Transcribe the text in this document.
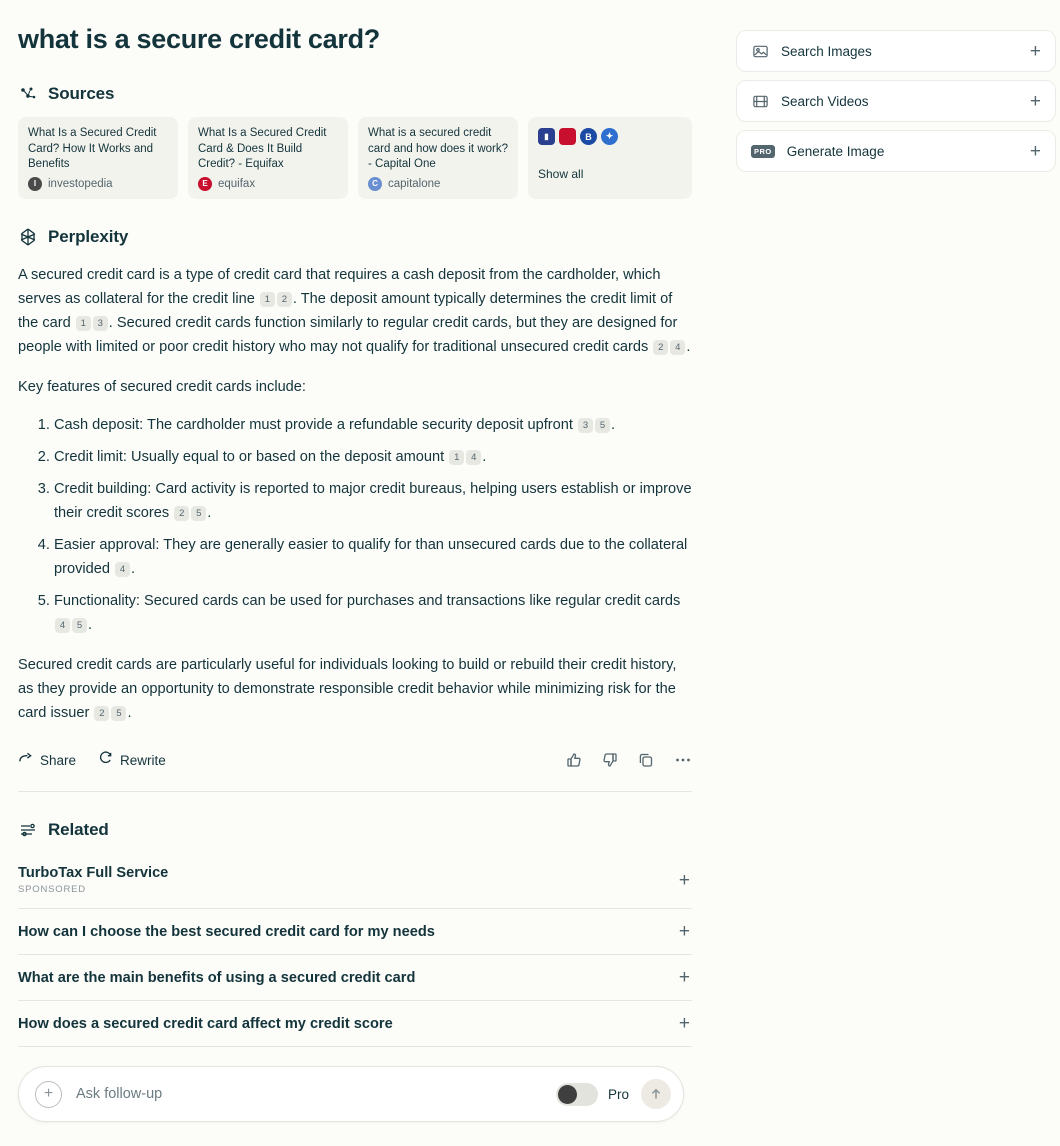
what is a secure credit card?
Sources
What Is a Secured Credit Card? How It Works and Benefits
I	investopedia
What Is a Secured Credit Card & Does It Build Credit? - Equifax
E equifax
What is a secured credit card and how does it work? - Capital One
C capitalone
▮
B	✦
Show all
Perplexity

A secured credit card is a type of credit card that requires a cash deposit from the cardholder, which serves as collateral for the credit line 1 2 . The deposit amount typically determines the credit limit of the card 1 3 . Secured credit cards function similarly to regular credit cards, but they are designed for people with limited or poor credit history who may not qualify for traditional unsecured credit cards 2 4 .

Key features of secured credit cards include:

1. Cash deposit: The cardholder must provide a refundable security deposit upfront 3 5 .
2. Credit limit: Usually equal to or based on the deposit amount 1 4 .
3. Credit building: Card activity is reported to major credit bureaus, helping users establish or improve their credit scores 2 5 .
4. Easier approval: They are generally easier to qualify for than unsecured cards due to the collateral provided 4 .
5. Functionality: Secured cards can be used for purchases and transactions like regular credit cards 4 5 .

Secured credit cards are particularly useful for individuals looking to build or rebuild their credit history, as they provide an opportunity to demonstrate responsible credit behavior while minimizing risk for the card issuer 2 5 .

Share	Rewrite
Related
TurboTax Full Service
SPONSORED	+
How can I choose the best secured credit card for my needs	+
What are the main benefits of using a secured credit card	+
How does a secured credit card affect my credit score	+
Search Images	+
Search Videos	+
PRO Generate Image	+
+
Ask follow-up	Pro
